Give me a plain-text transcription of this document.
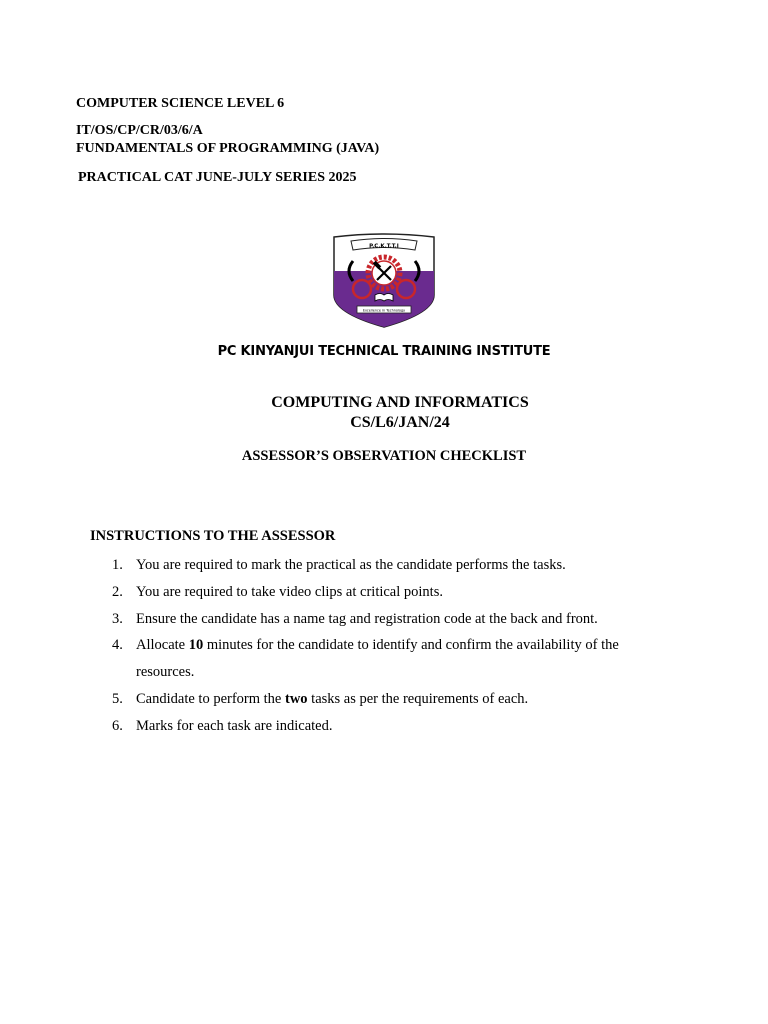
COMPUTER SCIENCE LEVEL 6
IT/OS/CP/CR/03/6/A
FUNDAMENTALS OF PROGRAMMING (JAVA)
PRACTICAL CAT JUNE-JULY SERIES 2025
P.C.K.T.T.I
Excellence in Technology
PC KINYANJUI TECHNICAL TRAINING INSTITUTE
COMPUTING AND INFORMATICS
CS/L6/JAN/24
ASSESSOR’S OBSERVATION CHECKLIST
INSTRUCTIONS TO THE ASSESSOR
1. You are required to mark the practical as the candidate performs the tasks.
2. You are required to take video clips at critical points.
3. Ensure the candidate has a name tag and registration code at the back and front.
4. Allocate 10 minutes for the candidate to identify and confirm the availability of the resources.
5. Candidate to perform the two tasks as per the requirements of each.
6. Marks for each task are indicated.
